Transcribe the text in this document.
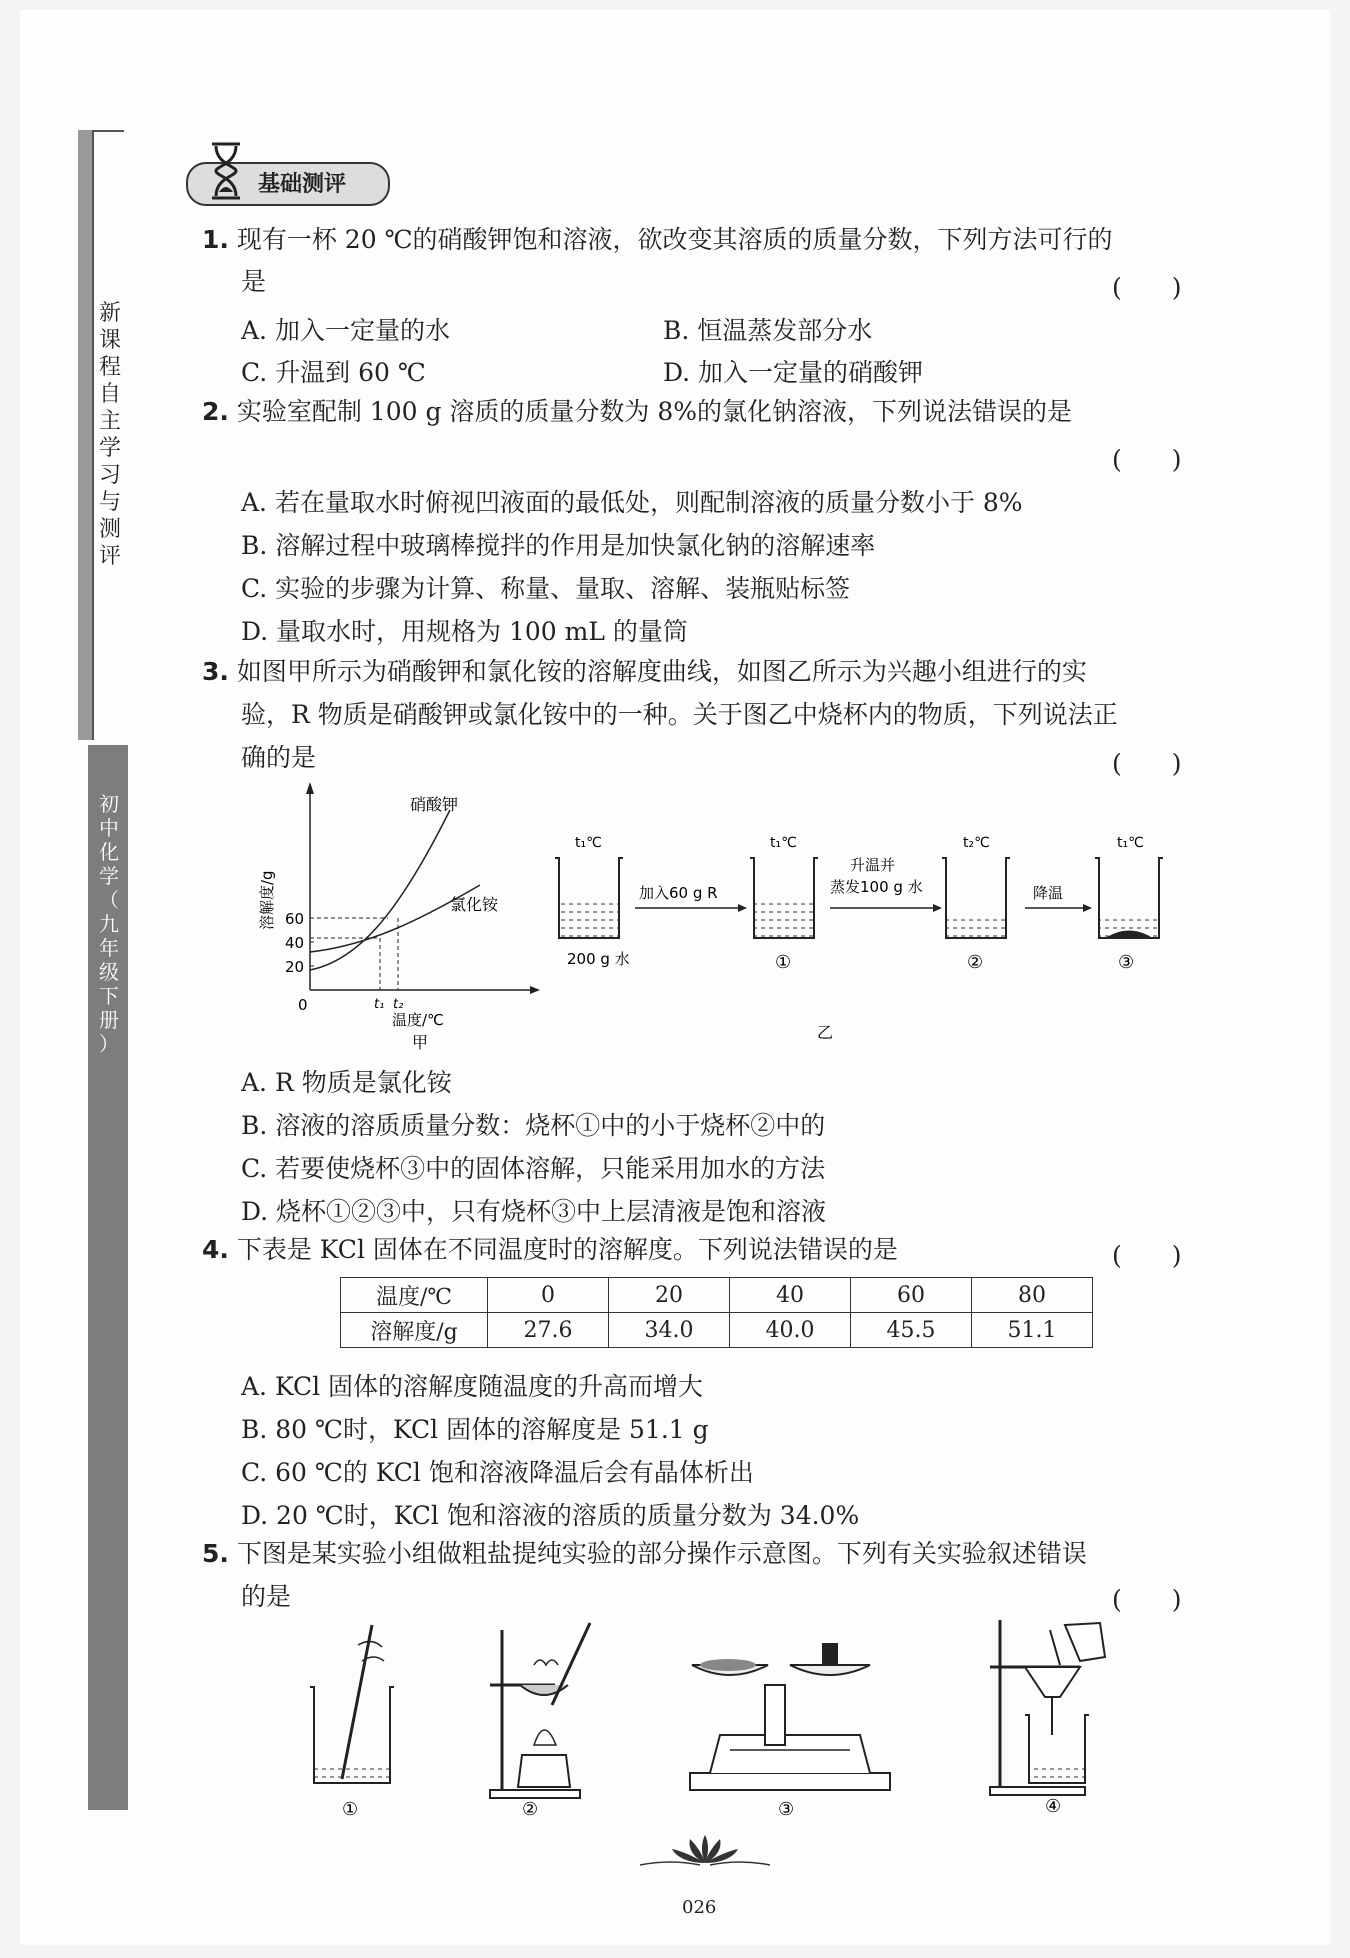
新
课
程
自
主
学
习
与
测
评
初
中
化
学
（
九
年
级
下
册
）
基础测评
1. 现有一杯 20 ℃的硝酸钾饱和溶液，欲改变其溶质的质量分数，下列方法可行的
是	(　　)
A. 加入一定量的水	B. 恒温蒸发部分水
C. 升温到 60 ℃	D. 加入一定量的硝酸钾
2. 实验室配制 100 g 溶质的质量分数为 8%的氯化钠溶液，下列说法错误的是
(　　)
A. 若在量取水时俯视凹液面的最低处，则配制溶液的质量分数小于 8%
B. 溶解过程中玻璃棒搅拌的作用是加快氯化钠的溶解速率
C. 实验的步骤为计算、称量、量取、溶解、装瓶贴标签
D. 量取水时，用规格为 100 mL 的量筒
3. 如图甲所示为硝酸钾和氯化铵的溶解度曲线，如图乙所示为兴趣小组进行的实
验，R 物质是硝酸钾或氯化铵中的一种。关于图乙中烧杯内的物质，下列说法正
确的是	(　　)
20
40
60
0
溶解度/g
硝酸钾
氯化铵
t₁ t₂
温度/℃
甲
t₁℃
200 g 水
加入60 g R
t₁℃
①
升温并
蒸发100 g 水
t₂℃
②
降温
t₁℃
③
乙
A. R 物质是氯化铵
B. 溶液的溶质质量分数：烧杯①中的小于烧杯②中的
C. 若要使烧杯③中的固体溶解，只能采用加水的方法
D. 烧杯①②③中，只有烧杯③中上层清液是饱和溶液
4. 下表是 KCl 固体在不同温度时的溶解度。下列说法错误的是	(　　)
温度/℃	0	20	40	60	80
溶解度/g	27.6	34.0	40.0	45.5	51.1
A. KCl 固体的溶解度随温度的升高而增大
B. 80 ℃时，KCl 固体的溶解度是 51.1 g
C. 60 ℃的 KCl 饱和溶液降温后会有晶体析出
D. 20 ℃时，KCl 饱和溶液的溶质的质量分数为 34.0%
5. 下图是某实验小组做粗盐提纯实验的部分操作示意图。下列有关实验叙述错误
的是	(　　)
①	②	③	④
026
